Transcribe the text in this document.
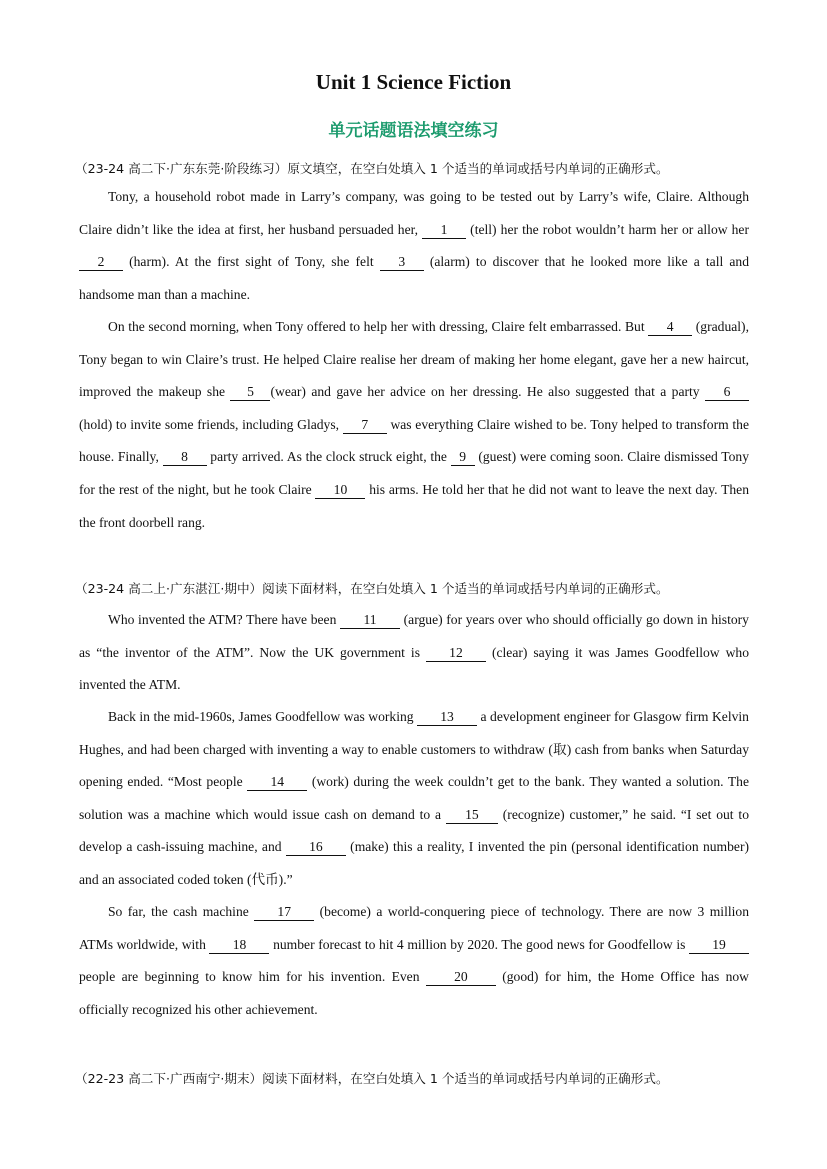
Unit 1 Science Fiction
单元话题语法填空练习
（23-24 高二下·广东东莞·阶段练习）原文填空，在空白处填入 1 个适当的单词或括号内单词的正确形式。

Tony, a household robot made in Larry’s company, was going to be tested out by Larry’s wife, Claire. Although Claire didn’t like the idea at first, her husband persuaded her, 1 (tell) her the robot wouldn’t harm her or allow her 2 (harm). At the first sight of Tony, she felt 3 (alarm) to discover that he looked more like a tall and handsome man than a machine.

On the second morning, when Tony offered to help her with dressing, Claire felt embarrassed. But 4 (gradual), Tony began to win Claire’s trust. He helped Claire realise her dream of making her home elegant, gave her a new haircut, improved the makeup she 5 (wear) and gave her advice on her dressing. He also suggested that a party 6 (hold) to invite some friends, including Gladys, 7 was everything Claire wished to be. Tony helped to transform the house. Finally, 8 party arrived. As the clock struck eight, the 9 (guest) were coming soon. Claire dismissed Tony for the rest of the night, but he took Claire 10 his arms. He told her that he did not want to leave the next day. Then the front doorbell rang.

（23-24 高二上·广东湛江·期中）阅读下面材料，在空白处填入 1 个适当的单词或括号内单词的正确形式。

Who invented the ATM? There have been 11 (argue) for years over who should officially go down in history as “the inventor of the ATM”. Now the UK government is 12 (clear) saying it was James Goodfellow who invented the ATM.

Back in the mid-1960s, James Goodfellow was working 13 a development engineer for Glasgow firm Kelvin Hughes, and had been charged with inventing a way to enable customers to withdraw (取) cash from banks when Saturday opening ended. “Most people 14 (work) during the week couldn’t get to the bank. They wanted a solution. The solution was a machine which would issue cash on demand to a 15 (recognize) customer,” he said. “I set out to develop a cash-issuing machine, and 16 (make) this a reality, I invented the pin (personal identification number) and an associated coded token (代币).”

So far, the cash machine 17 (become) a world-conquering piece of technology. There are now 3 million ATMs worldwide, with 18 number forecast to hit 4 million by 2020. The good news for Goodfellow is 19 people are beginning to know him for his invention. Even 20 (good) for him, the Home Office has now officially recognized his other achievement.

（22-23 高二下·广西南宁·期末）阅读下面材料，在空白处填入 1 个适当的单词或括号内单词的正确形式。
